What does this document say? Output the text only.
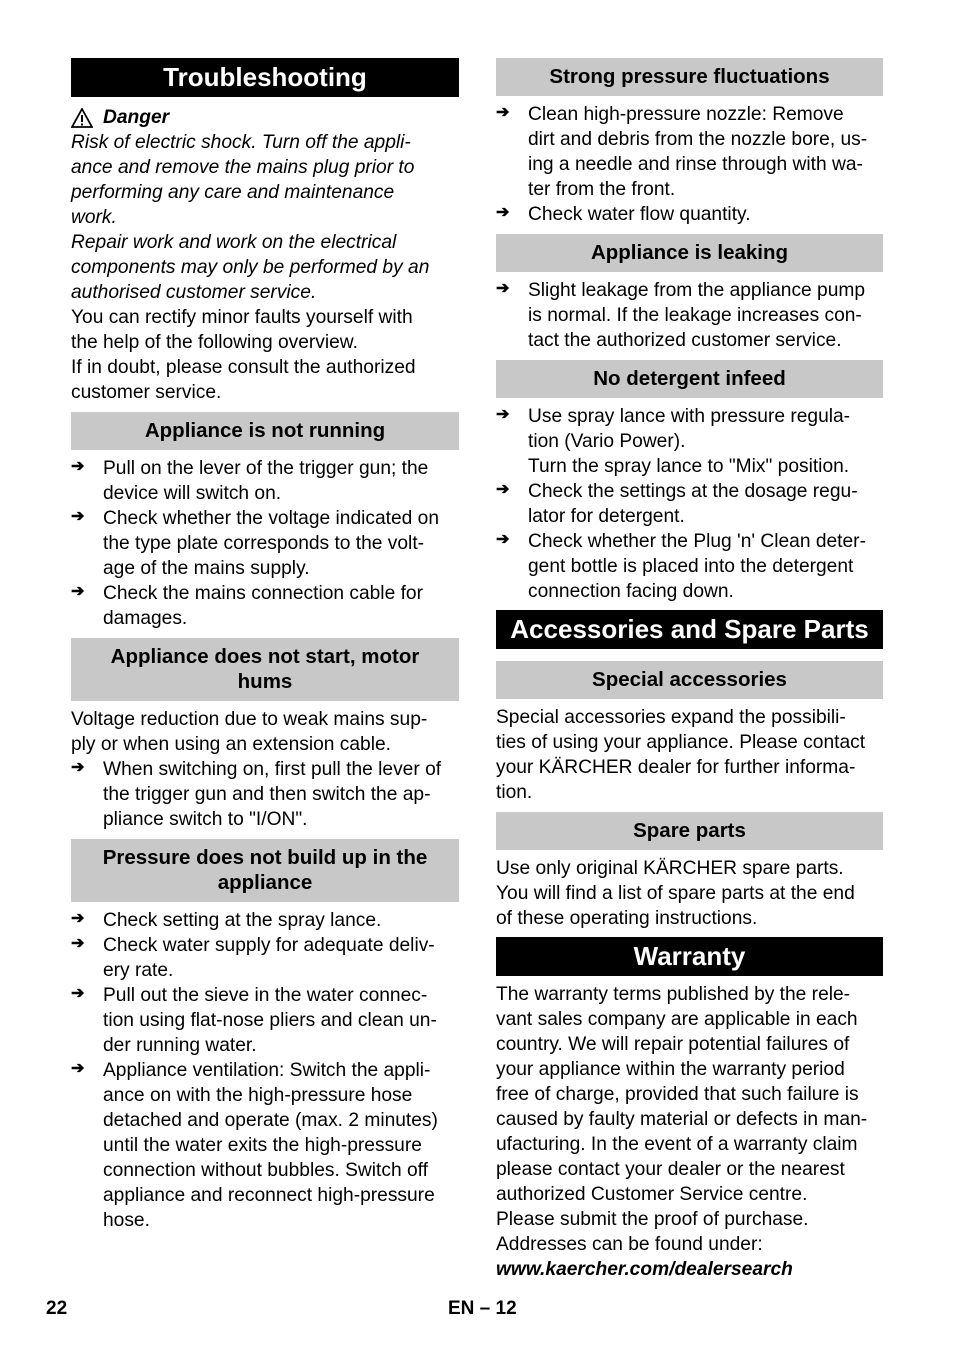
Troubleshooting
Danger

Risk of electric shock. Turn off the appli-

ance and remove the mains plug prior to

performing any care and maintenance

work.

Repair work and work on the electrical

components may only be performed by an

authorised customer service.

You can rectify minor faults yourself with

the help of the following overview.

If in doubt, please consult the authorized

customer service.

Appliance is not running
➔ Pull on the lever of the trigger gun; the

device will switch on.

➔ Check whether the voltage indicated on

the type plate corresponds to the volt-

age of the mains supply.

➔ Check the mains connection cable for

damages.

Appliance does not start, motor
hums

Voltage reduction due to weak mains sup-

ply or when using an extension cable.

➔ When switching on, first pull the lever of

the trigger gun and then switch the ap-

pliance switch to "I/ON".

Pressure does not build up in the
appliance
➔ Check setting at the spray lance.

➔ Check water supply for adequate deliv-

ery rate.

➔ Pull out the sieve in the water connec-

tion using flat-nose pliers and clean un-

der running water.

➔ Appliance ventilation: Switch the appli-

ance on with the high-pressure hose

detached and operate (max. 2 minutes)

until the water exits the high-pressure

connection without bubbles. Switch off

appliance and reconnect high-pressure

hose.

Strong pressure fluctuations
➔ Clean high-pressure nozzle: Remove

dirt and debris from the nozzle bore, us-

ing a needle and rinse through with wa-

ter from the front.

➔ Check water flow quantity.

Appliance is leaking
➔ Slight leakage from the appliance pump

is normal. If the leakage increases con-

tact the authorized customer service.

No detergent infeed
➔ Use spray lance with pressure regula-

tion (Vario Power).

Turn the spray lance to "Mix" position.

➔ Check the settings at the dosage regu-

lator for detergent.

➔ Check whether the Plug 'n' Clean deter-

gent bottle is placed into the detergent

connection facing down.

Accessories and Spare Parts
Special accessories

Special accessories expand the possibili-

ties of using your appliance. Please contact

your KÄRCHER dealer for further informa-

tion.

Spare parts

Use only original KÄRCHER spare parts.

You will find a list of spare parts at the end

of these operating instructions.

Warranty

The warranty terms published by the rele-

vant sales company are applicable in each

country. We will repair potential failures of

your appliance within the warranty period

free of charge, provided that such failure is

caused by faulty material or defects in man-

ufacturing. In the event of a warranty claim

please contact your dealer or the nearest

authorized Customer Service centre.

Please submit the proof of purchase.

Addresses can be found under:

www.kaercher.com/dealersearch

22	EN – 12
